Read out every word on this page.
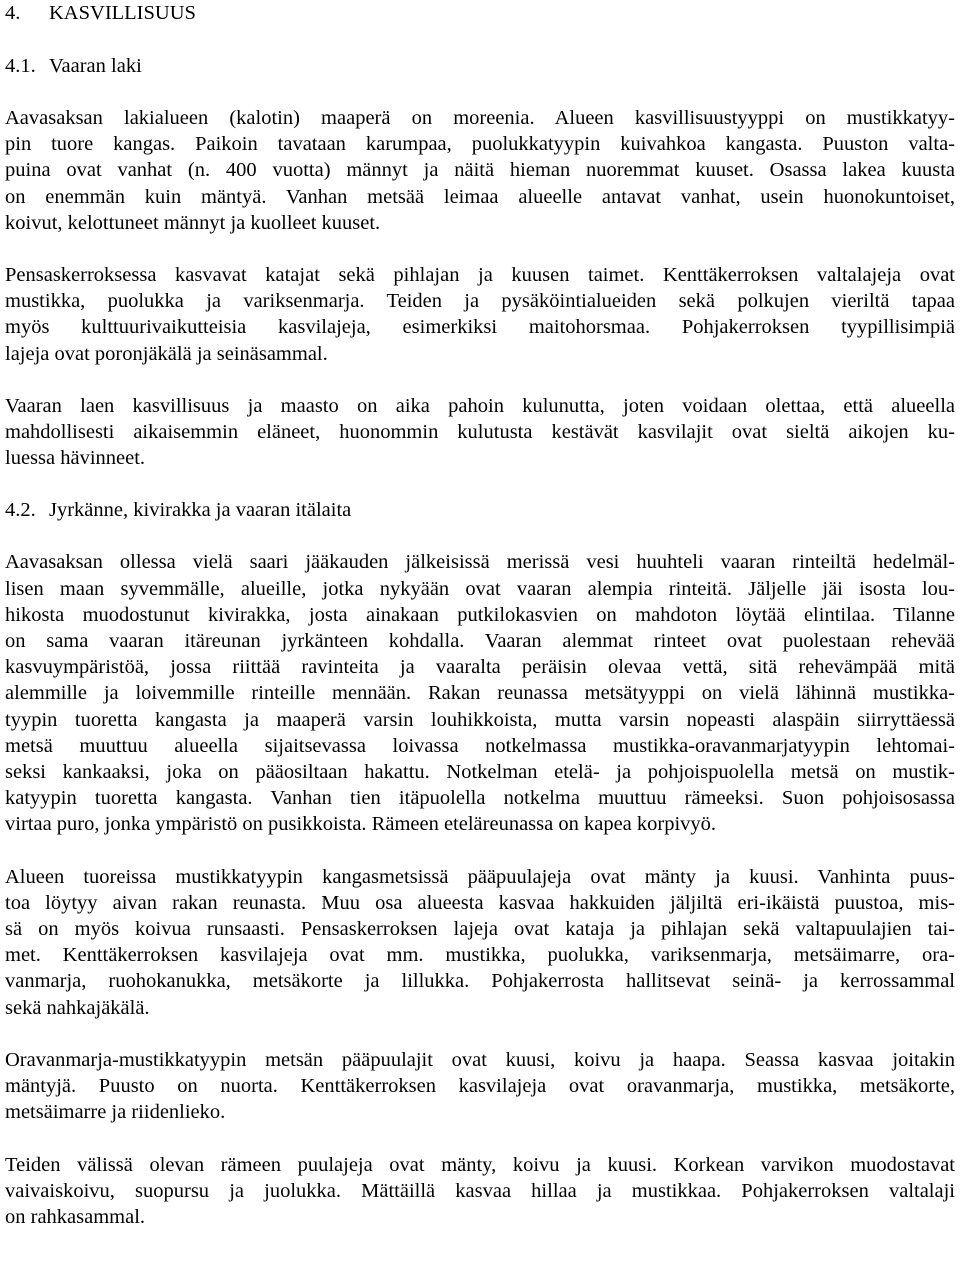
4. KASVILLISUUS
4.1. Vaaran laki

Aavasaksan lakialueen (kalotin) maaperä on moreenia. Alueen kasvillisuustyyppi on mustikkatyy-
pin tuore kangas. Paikoin tavataan karumpaa, puolukkatyypin kuivahkoa kangasta. Puuston valta-
puina ovat vanhat (n. 400 vuotta) männyt ja näitä hieman nuoremmat kuuset. Osassa lakea kuusta
on enemmän kuin mäntyä. Vanhan metsää leimaa alueelle antavat vanhat, usein huonokuntoiset,
koivut, kelottuneet männyt ja kuolleet kuuset.

Pensaskerroksessa kasvavat katajat sekä pihlajan ja kuusen taimet. Kenttäkerroksen valtalajeja ovat
mustikka, puolukka ja variksenmarja. Teiden ja pysäköintialueiden sekä polkujen vieriltä tapaa
myös kulttuurivaikutteisia kasvilajeja, esimerkiksi maitohorsmaa. Pohjakerroksen tyypillisimpiä
lajeja ovat poronjäkälä ja seinäsammal.

Vaaran laen kasvillisuus ja maasto on aika pahoin kulunutta, joten voidaan olettaa, että alueella
mahdollisesti aikaisemmin eläneet, huonommin kulutusta kestävät kasvilajit ovat sieltä aikojen ku-
luessa hävinneet.

4.2. Jyrkänne, kivirakka ja vaaran itälaita

Aavasaksan ollessa vielä saari jääkauden jälkeisissä merissä vesi huuhteli vaaran rinteiltä hedelmäl-
lisen maan syvemmälle, alueille, jotka nykyään ovat vaaran alempia rinteitä. Jäljelle jäi isosta lou-
hikosta muodostunut kivirakka, josta ainakaan putkilokasvien on mahdoton löytää elintilaa. Tilanne
on sama vaaran itäreunan jyrkänteen kohdalla. Vaaran alemmat rinteet ovat puolestaan rehevää
kasvuympäristöä, jossa riittää ravinteita ja vaaralta peräisin olevaa vettä, sitä rehevämpää mitä
alemmille ja loivemmille rinteille mennään. Rakan reunassa metsätyyppi on vielä lähinnä mustikka-
tyypin tuoretta kangasta ja maaperä varsin louhikkoista, mutta varsin nopeasti alaspäin siirryttäessä
metsä muuttuu alueella sijaitsevassa loivassa notkelmassa mustikka-oravanmarjatyypin lehtomai-
seksi kankaaksi, joka on pääosiltaan hakattu. Notkelman etelä- ja pohjoispuolella metsä on mustik-
katyypin tuoretta kangasta. Vanhan tien itäpuolella notkelma muuttuu rämeeksi. Suon pohjoisosassa
virtaa puro, jonka ympäristö on pusikkoista. Rämeen eteläreunassa on kapea korpivyö.

Alueen tuoreissa mustikkatyypin kangasmetsissä pääpuulajeja ovat mänty ja kuusi. Vanhinta puus-
toa löytyy aivan rakan reunasta. Muu osa alueesta kasvaa hakkuiden jäljiltä eri-ikäistä puustoa, mis-
sä on myös koivua runsaasti. Pensaskerroksen lajeja ovat kataja ja pihlajan sekä valtapuulajien tai-
met. Kenttäkerroksen kasvilajeja ovat mm. mustikka, puolukka, variksenmarja, metsäimarre, ora-
vanmarja, ruohokanukka, metsäkorte ja lillukka. Pohjakerrosta hallitsevat seinä- ja kerrossammal
sekä nahkajäkälä.

Oravanmarja-mustikkatyypin metsän pääpuulajit ovat kuusi, koivu ja haapa. Seassa kasvaa joitakin
mäntyjä. Puusto on nuorta. Kenttäkerroksen kasvilajeja ovat oravanmarja, mustikka, metsäkorte,
metsäimarre ja riidenlieko.

Teiden välissä olevan rämeen puulajeja ovat mänty, koivu ja kuusi. Korkean varvikon muodostavat
vaivaiskoivu, suopursu ja juolukka. Mättäillä kasvaa hillaa ja mustikkaa. Pohjakerroksen valtalaji
on rahkasammal.
